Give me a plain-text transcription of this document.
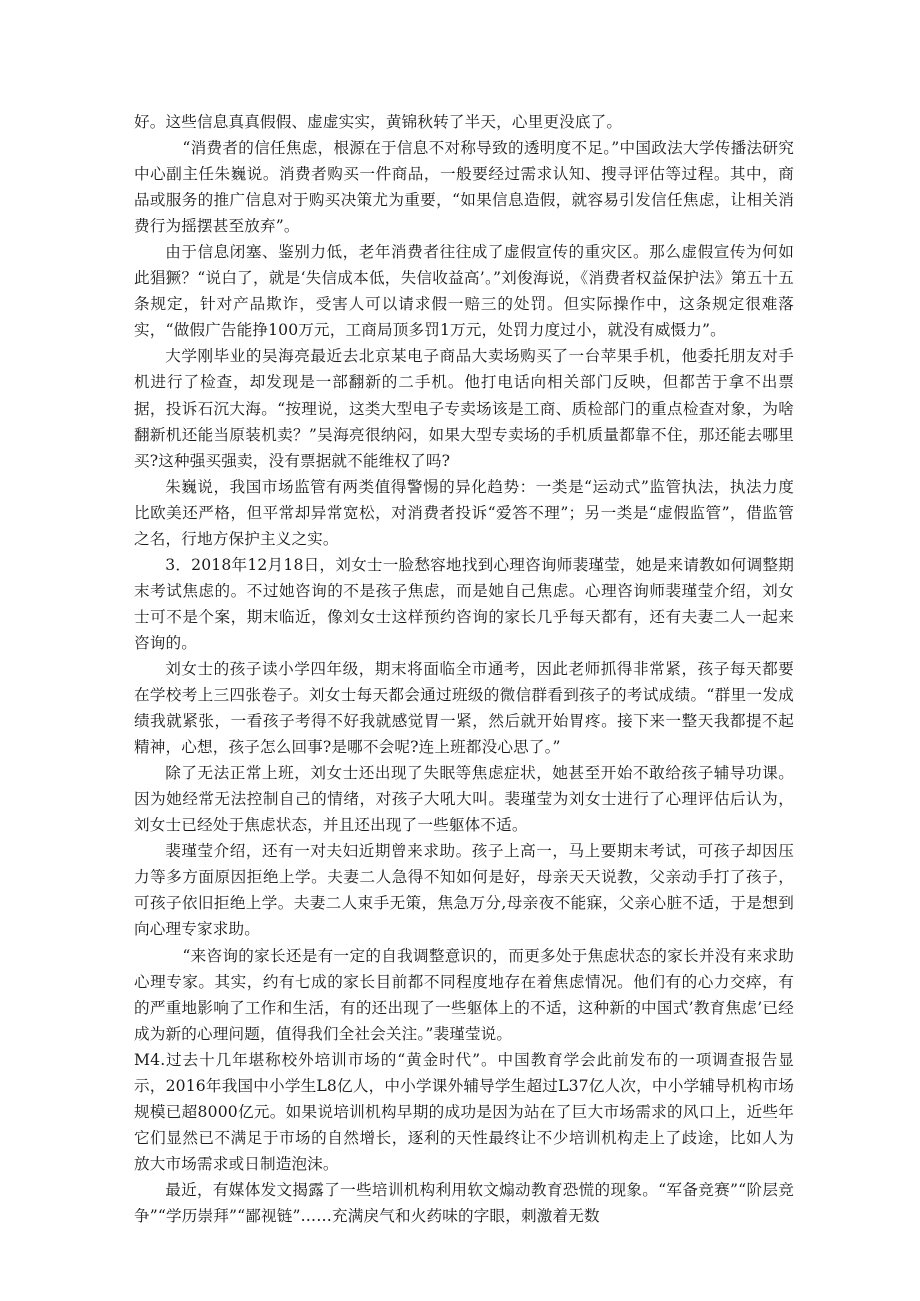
好。这些信息真真假假、虚虚实实，黄锦秋转了半天，心里更没底了。

“消费者的信任焦虑，根源在于信息不对称导致的透明度不足。”中国政法大学传播法研究中心副主任朱巍说。消费者购买一件商品，一般要经过需求认知、搜寻评估等过程。其中，商品或服务的推广信息对于购买决策尤为重要，“如果信息造假，就容易引发信任焦虑，让相关消费行为摇摆甚至放弃”。

由于信息闭塞、鉴别力低，老年消费者往往成了虚假宣传的重灾区。那么虚假宣传为何如此猖獗？“说白了，就是‘失信成本低，失信收益高’。”刘俊海说，《消费者权益保护法》第五十五条规定，针对产品欺诈，受害人可以请求假一赔三的处罚。但实际操作中，这条规定很难落实，“做假广告能挣100万元，工商局顶多罚1万元，处罚力度过小，就没有威慑力”。

大学刚毕业的吴海亮最近去北京某电子商品大卖场购买了一台苹果手机，他委托朋友对手机进行了检查，却发现是一部翻新的二手机。他打电话向相关部门反映，但都苦于拿不出票据，投诉石沉大海。“按理说，这类大型电子专卖场该是工商、质检部门的重点检查对象，为啥翻新机还能当原装机卖？”吴海亮很纳闷，如果大型专卖场的手机质量都靠不住，那还能去哪里买?这种强买强卖，没有票据就不能维权了吗?

朱巍说，我国市场监管有两类值得警惕的异化趋势：一类是“运动式”监管执法，执法力度比欧美还严格，但平常却异常宽松，对消费者投诉“爱答不理”；另一类是“虚假监管”，借监管之名，行地方保护主义之实。

3．2018年12月18日，刘女士一脸愁容地找到心理咨询师裴瑾莹，她是来请教如何调整期末考试焦虑的。不过她咨询的不是孩子焦虑，而是她自己焦虑。心理咨询师裴瑾莹介绍，刘女士可不是个案，期末临近，像刘女士这样预约咨询的家长几乎每天都有，还有夫妻二人一起来咨询的。

刘女士的孩子读小学四年级，期末将面临全市通考，因此老师抓得非常紧，孩子每天都要在学校考上三四张卷子。刘女士每天都会通过班级的微信群看到孩子的考试成绩。“群里一发成绩我就紧张，一看孩子考得不好我就感觉胃一紧，然后就开始胃疼。接下来一整天我都提不起精神，心想，孩子怎么回事?是哪不会呢?连上班都没心思了。”

除了无法正常上班，刘女士还出现了失眠等焦虑症状，她甚至开始不敢给孩子辅导功课。因为她经常无法控制自己的情绪，对孩子大吼大叫。裴瑾莹为刘女士进行了心理评估后认为，刘女士已经处于焦虑状态，并且还出现了一些躯体不适。

裴瑾莹介绍，还有一对夫妇近期曾来求助。孩子上高一，马上要期末考试，可孩子却因压力等多方面原因拒绝上学。夫妻二人急得不知如何是好，母亲天天说教，父亲动手打了孩子，可孩子依旧拒绝上学。夫妻二人束手无策，焦急万分,母亲夜不能寐，父亲心脏不适，于是想到向心理专家求助。

“来咨询的家长还是有一定的自我调整意识的，而更多处于焦虑状态的家长并没有来求助心理专家。其实，约有七成的家长目前都不同程度地存在着焦虑情况。他们有的心力交瘁，有的严重地影响了工作和生活，有的还出现了一些躯体上的不适，这种新的中国式’教育焦虑’已经成为新的心理问题，值得我们全社会关注。”裴瑾莹说。

M4.过去十几年堪称校外培训市场的“黄金时代”。中国教育学会此前发布的一项调查报告显示，2016年我国中小学生L8亿人，中小学课外辅导学生超过L37亿人次，中小学辅导机构市场规模已超8000亿元。如果说培训机构早期的成功是因为站在了巨大市场需求的风口上，近些年它们显然已不满足于市场的自然增长，逐利的天性最终让不少培训机构走上了歧途，比如人为放大市场需求或日制造泡沫。

最近，有媒体发文揭露了一些培训机构利用软文煽动教育恐慌的现象。“军备竞赛”“阶层竞争”“学历崇拜”“鄙视链”……充满戾气和火药味的字眼，刺激着无数
